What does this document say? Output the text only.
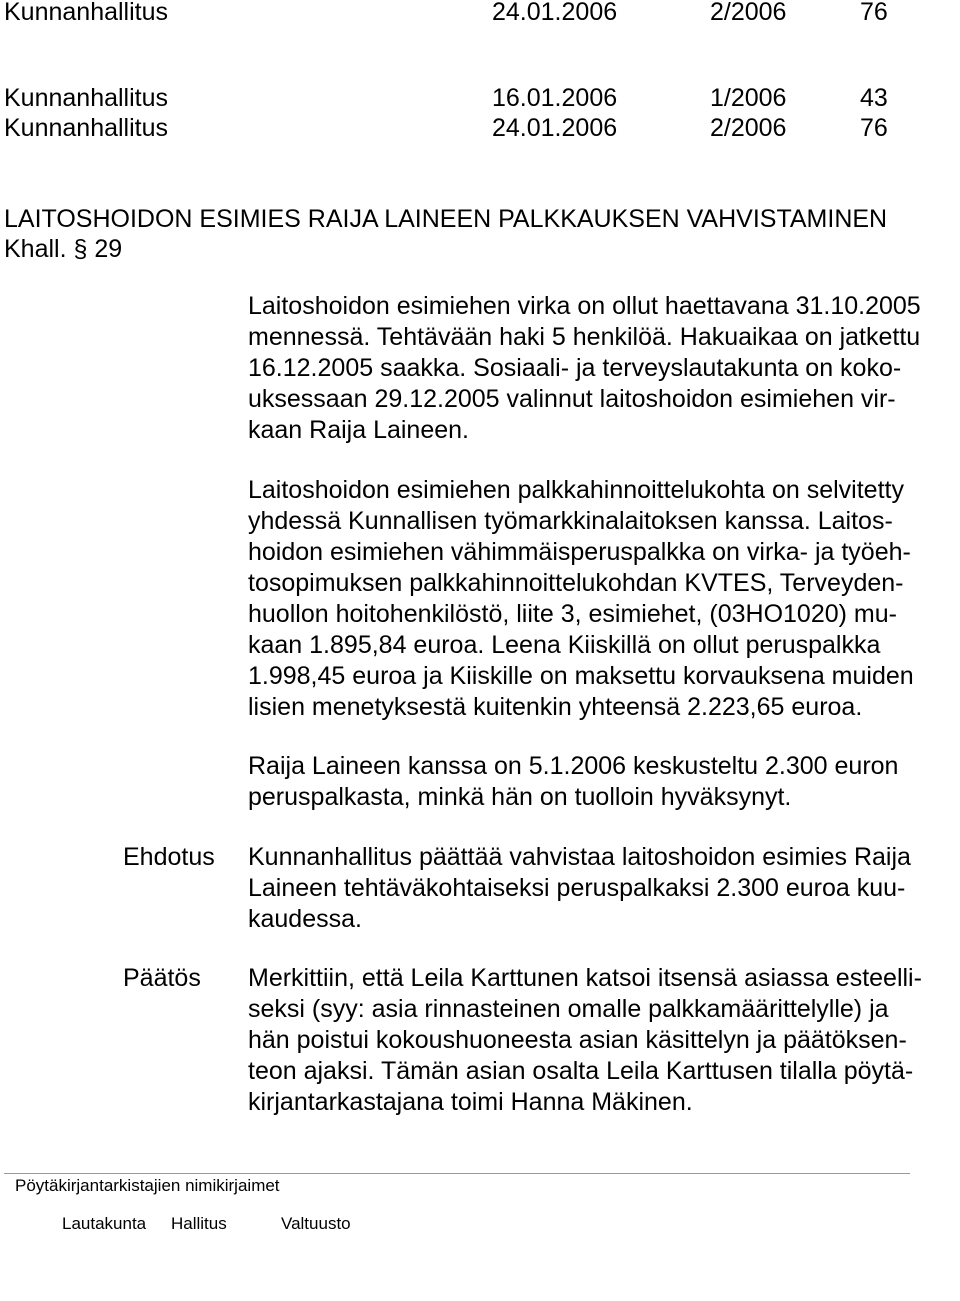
Kunnanhallitus	24.01.2006	2/2006	76
Kunnanhallitus	16.01.2006	1/2006	43
Kunnanhallitus	24.01.2006	2/2006	76
LAITOSHOIDON ESIMIES RAIJA LAINEEN PALKKAUKSEN VAHVISTAMINEN
Khall. § 29
Laitoshoidon esimiehen virka on ollut haettavana 31.10.2005
mennessä. Tehtävään haki 5 henkilöä. Hakuaikaa on jatkettu
16.12.2005 saakka. Sosiaali- ja terveyslautakunta on koko-
uksessaan 29.12.2005 valinnut laitoshoidon esimiehen vir-
kaan Raija Laineen.
Laitoshoidon esimiehen palkkahinnoittelukohta on selvitetty
yhdessä Kunnallisen työmarkkinalaitoksen kanssa. Laitos-
hoidon esimiehen vähimmäisperuspalkka on virka- ja työeh-
tosopimuksen palkkahinnoittelukohdan KVTES, Terveyden-
huollon hoitohenkilöstö, liite 3, esimiehet, (03HO1020) mu-
kaan 1.895,84 euroa. Leena Kiiskillä on ollut peruspalkka
1.998,45 euroa ja Kiiskille on maksettu korvauksena muiden
lisien menetyksestä kuitenkin yhteensä 2.223,65 euroa.
Raija Laineen kanssa on 5.1.2006 keskusteltu 2.300 euron
peruspalkasta, minkä hän on tuolloin hyväksynyt.
Ehdotus Kunnanhallitus päättää vahvistaa laitoshoidon esimies Raija
Laineen tehtäväkohtaiseksi peruspalkaksi 2.300 euroa kuu-
kaudessa.
Päätös Merkittiin, että Leila Karttunen katsoi itsensä asiassa esteelli-
seksi (syy: asia rinnasteinen omalle palkkamäärittelylle) ja
hän poistui kokoushuoneesta asian käsittelyn ja päätöksen-
teon ajaksi. Tämän asian osalta Leila Karttusen tilalla pöytä-
kirjantarkastajana toimi Hanna Mäkinen.
Pöytäkirjantarkistajien nimikirjaimet
Lautakunta Hallitus	Valtuusto
